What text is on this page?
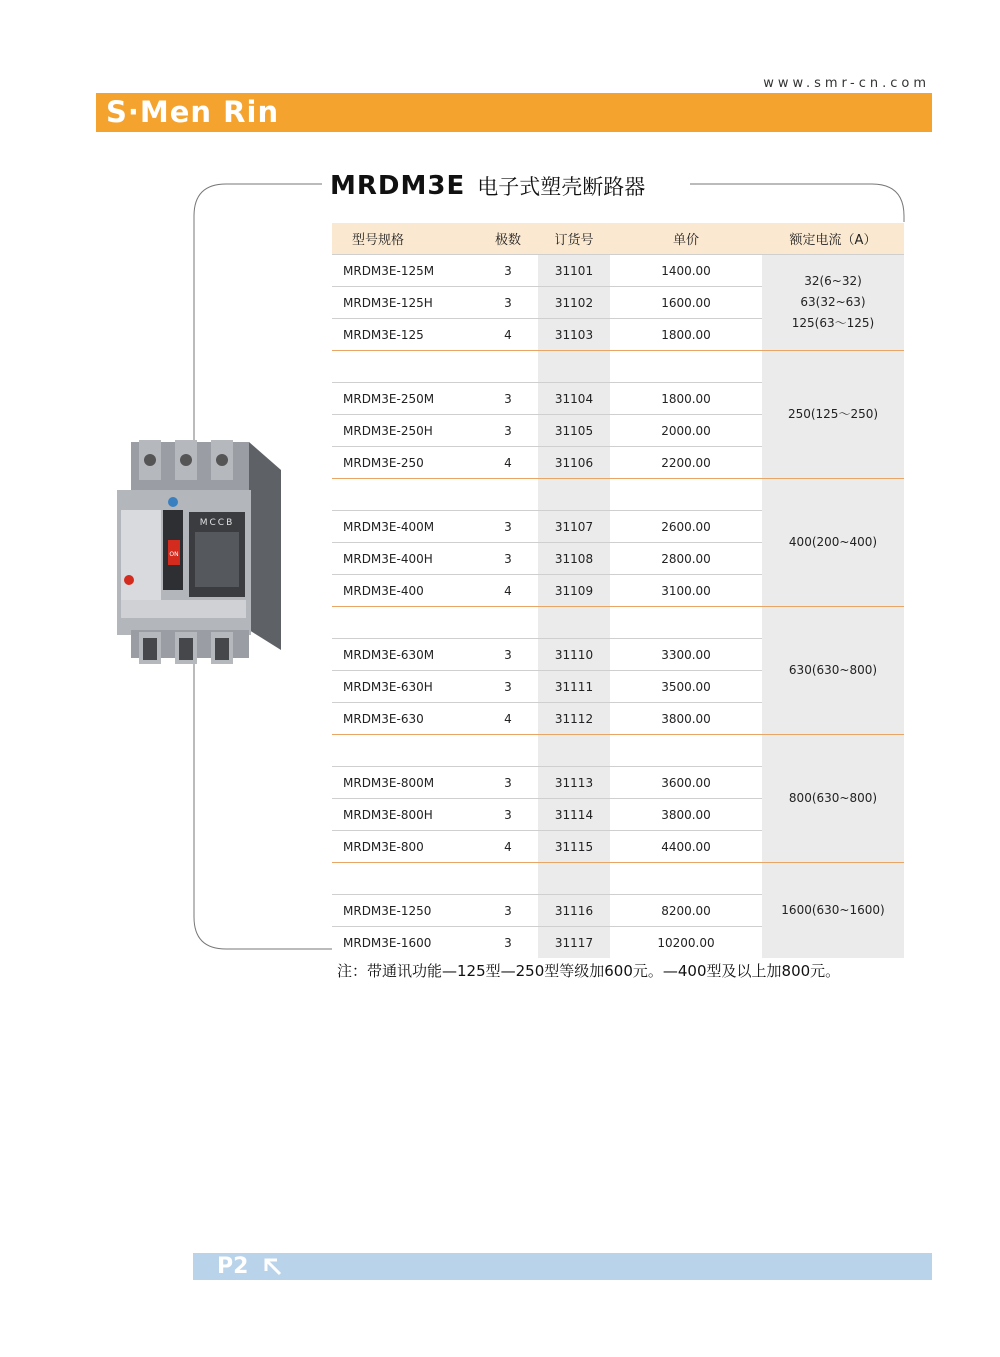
www.smr-cn.com
S·Men Rin
MRDM3E 电子式塑壳断路器
ON
MCCB
型号规格	极数	订货号	单价	额定电流（A）
MRDM3E-125M	3	31101	1400.00	32(6~32)
63(32~63)
125(63～125)

MRDM3E-125H	3	31102	1600.00	
MRDM3E-125	4	31103	1800.00	

				250(125～250)

MRDM3E-250M	3	31104	1800.00	
MRDM3E-250H	3	31105	2000.00	
MRDM3E-250	4	31106	2200.00	

				400(200~400)

MRDM3E-400M	3	31107	2600.00	
MRDM3E-400H	3	31108	2800.00	
MRDM3E-400	4	31109	3100.00	

				630(630~800)

MRDM3E-630M	3	31110	3300.00	
MRDM3E-630H	3	31111	3500.00	
MRDM3E-630	4	31112	3800.00	

				800(630~800)

MRDM3E-800M	3	31113	3600.00	
MRDM3E-800H	3	31114	3800.00	
MRDM3E-800	4	31115	4400.00	

				1600(630~1600)

MRDM3E-1250	3	31116	8200.00	
MRDM3E-1600	3	31117	10200.00	
注：带通讯功能—125型—250型等级加600元。—400型及以上加800元。
P2
